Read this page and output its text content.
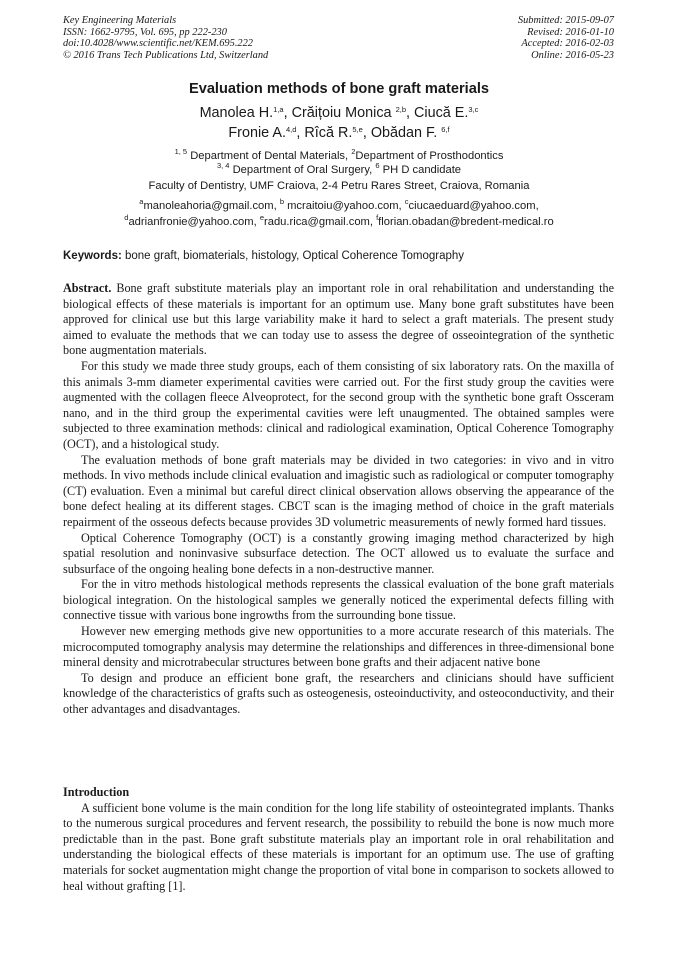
Key Engineering Materials
ISSN: 1662-9795, Vol. 695, pp 222-230
doi:10.4028/www.scientific.net/KEM.695.222
© 2016 Trans Tech Publications Ltd, Switzerland
Submitted: 2015-09-07
Revised: 2016-01-10
Accepted: 2016-02-03
Online: 2016-05-23
Evaluation methods of bone graft materials
Manolea H.$^{1,a}$, Crăițoiu Monica $^{2,b}$, Ciucă E.$^{3,c}$
Fronie A.$^{4,d}$, Rîcă R.$^{5,e}$, Obădan F. $^{6,f}$
$^{1, 5}$ Department of Dental Materials, $^2$Department of Prosthodontics
$^{3, 4}$ Department of Oral Surgery, $^6$ PH D candidate
Faculty of Dentistry, UMF Craiova, 2-4 Petru Rares Street, Craiova, Romania
$^a$manoleahoria@gmail.com, $^b$ mcraitoiu@yahoo.com, $^c$ciucaeduard@yahoo.com,
$^d$adrianfronie@yahoo.com, $^e$radu.rica@gmail.com, $^f$florian.obadan@bredent-medical.ro
Keywords: bone graft, biomaterials, histology, Optical Coherence Tomography

Abstract. Bone graft substitute materials play an important role in oral rehabilitation and understanding the biological effects of these materials is important for an optimum use. Many bone graft substitutes have been approved for clinical use but this large variability make it hard to select a graft materials. The present study aimed to evaluate the methods that we can today use to assess the degree of osseointegration of the synthetic bone augmentation materials.

For this study we made three study groups, each of them consisting of six laboratory rats. On the maxilla of this animals 3-mm diameter experimental cavities were carried out. For the first study group the cavities were augmented with the collagen fleece Alveoprotect, for the second group with the synthetic bone graft Ossceram nano, and in the third group the experimental cavities were left unaugmented. The obtained samples were subjected to three examination methods: clinical and radiological examination, Optical Coherence Tomography (OCT), and a histological study.

The evaluation methods of bone graft materials may be divided in two categories: in vivo and in vitro methods. In vivo methods include clinical evaluation and imagistic such as radiological or computer tomography (CT) evaluation. Even a minimal but careful direct clinical observation allows observing the appearance of the bone defect healing at its different stages. CBCT scan is the imaging method of choice in the graft materials repairment of the osseous defects because provides 3D volumetric measurements of newly formed hard tissues.

Optical Coherence Tomography (OCT) is a constantly growing imaging method characterized by high spatial resolution and noninvasive subsurface detection. The OCT allowed us to evaluate the surface and subsurface of the ongoing healing bone defects in a non-destructive manner.

For the in vitro methods histological methods represents the classical evaluation of the bone graft materials biological integration. On the histological samples we generally noticed the experimental defects filling with connective tissue with various bone ingrowths from the surrounding bone tissue.

However new emerging methods give new opportunities to a more accurate research of this materials. The microcomputed tomography analysis may determine the relationships and differences in three-dimensional bone mineral density and microtrabecular structures between bone grafts and their adjacent native bone

To design and produce an efficient bone graft, the researchers and clinicians should have sufficient knowledge of the characteristics of grafts such as osteogenesis, osteoinductivity, and osteoconductivity, and their other advantages and disadvantages.

Introduction

A sufficient bone volume is the main condition for the long life stability of osteointegrated implants. Thanks to the numerous surgical procedures and fervent research, the possibility to rebuild the bone is now much more predictable than in the past. Bone graft substitute materials play an important role in oral rehabilitation and understanding the biological effects of these materials is important for an optimum use. The use of grafting materials for socket augmentation might change the proportion of vital bone in comparison to sockets allowed to heal without grafting [1].
